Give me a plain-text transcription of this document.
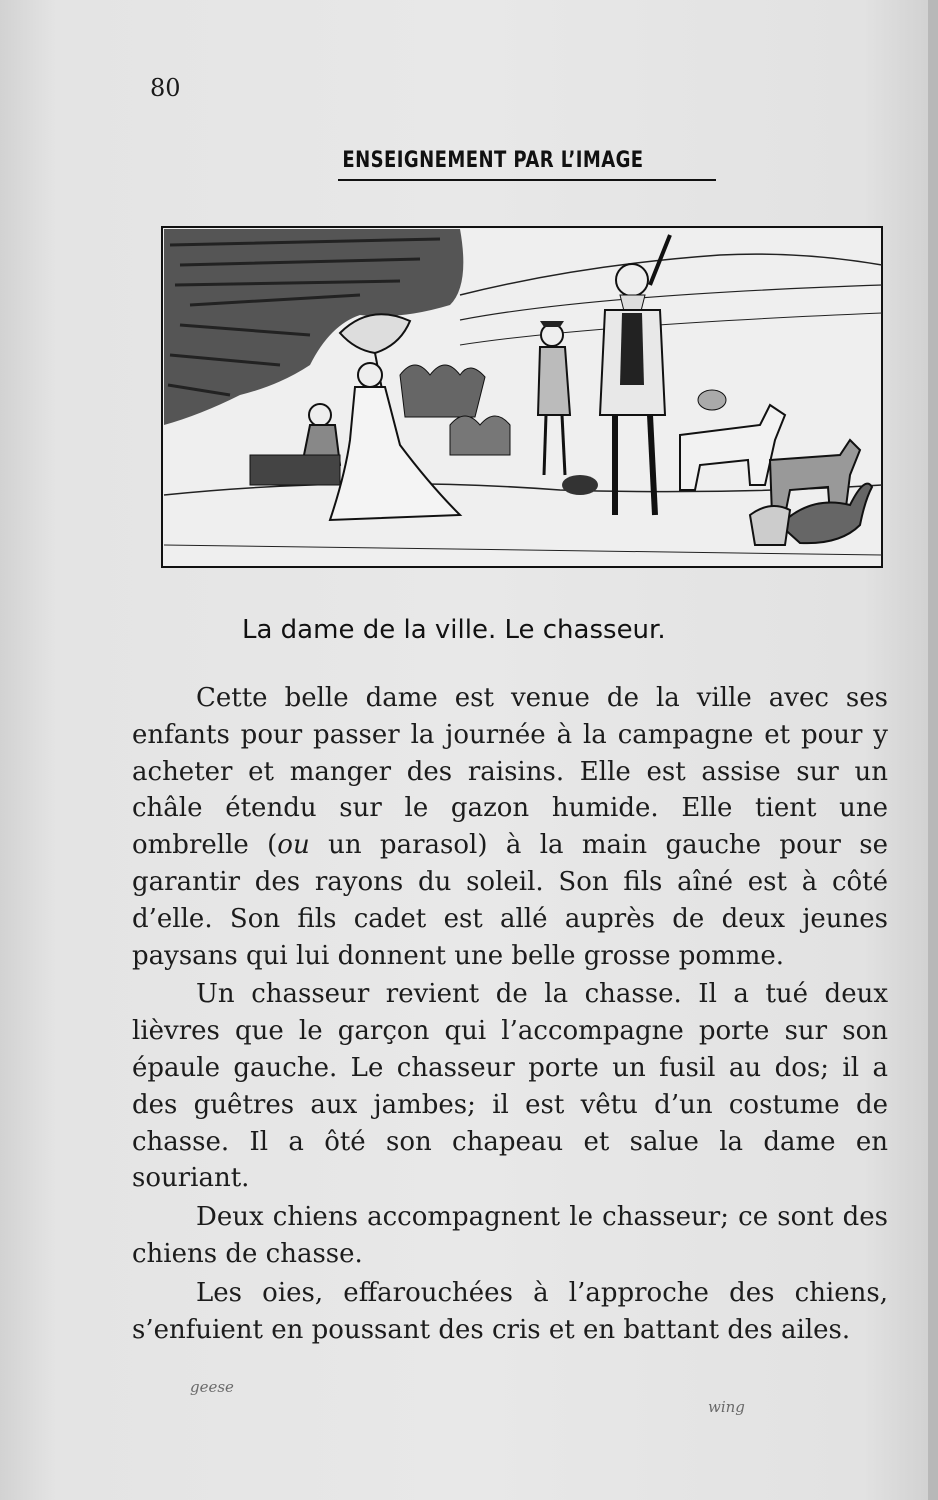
80
ENSEIGNEMENT PAR L’IMAGE
La dame de la ville. Le chasseur.

Cette belle dame est venue de la ville avec ses enfants pour passer la journée à la campagne et pour y acheter et manger des raisins. Elle est assise sur un châle étendu sur le gazon humide. Elle tient une ombrelle (ou un parasol) à la main gauche pour se garantir des rayons du soleil. Son fils aîné est à côté d’elle. Son fils cadet est allé auprès de deux jeunes paysans qui lui donnent une belle grosse pomme.

Un chasseur revient de la chasse. Il a tué deux lièvres que le garçon qui l’accompagne porte sur son épaule gauche. Le chasseur porte un fusil au dos; il a des guêtres aux jambes; il est vêtu d’un costume de chasse. Il a ôté son chapeau et salue la dame en souriant.

Deux chiens accompagnent le chasseur; ce sont des chiens de chasse.

Les oies, effarouchées à l’approche des chiens, s’enfuient en poussant des cris et en battant des ailes.

geese
wing
